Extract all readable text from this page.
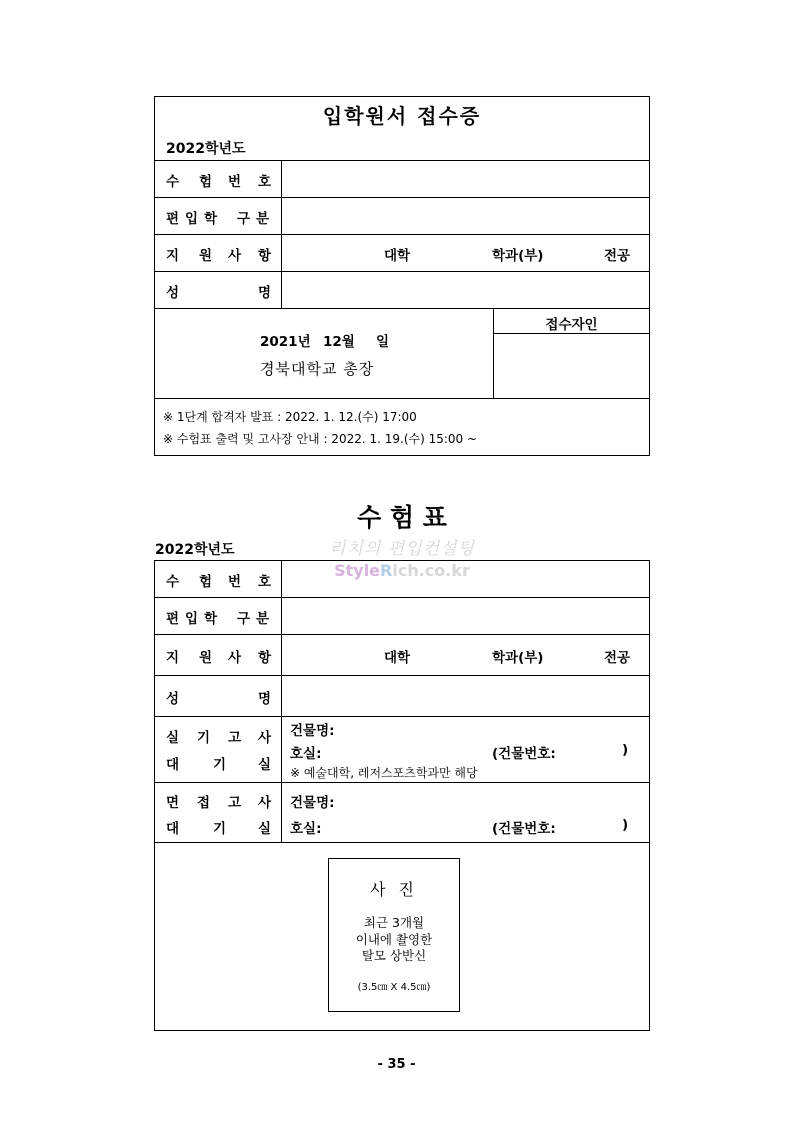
입학원서 접수증
2022학년도
수 험 번 호
편 입 학 구 분
지 원 사 항	대학	학과(부)	전공
성	명
2021년 12월 일
경북대학교 총장
접수자인
※ 1단계 합격자 발표 : 2022. 1. 12.(수) 17:00
※ 수험표 출력 및 고사장 안내 : 2022. 1. 19.(수) 15:00 ~
수 험 표
2022학년도	리치의 편입컨설팅
StyleRich.co.kr
수 험 번 호
편 입 학 구 분
지 원 사 항	대학	학과(부)	전공
성	명
실 기 고 사
대	기 실
건물명:
호실:	(건물번호:	)
※ 예술대학, 레저스포츠학과만 해당
면 접 고 사
대	기 실
건물명:
호실:	(건물번호:	)
사 진
최근 3개월
이내에 촬영한
탈모 상반신
(3.5㎝ X 4.5㎝)
- 35 -
